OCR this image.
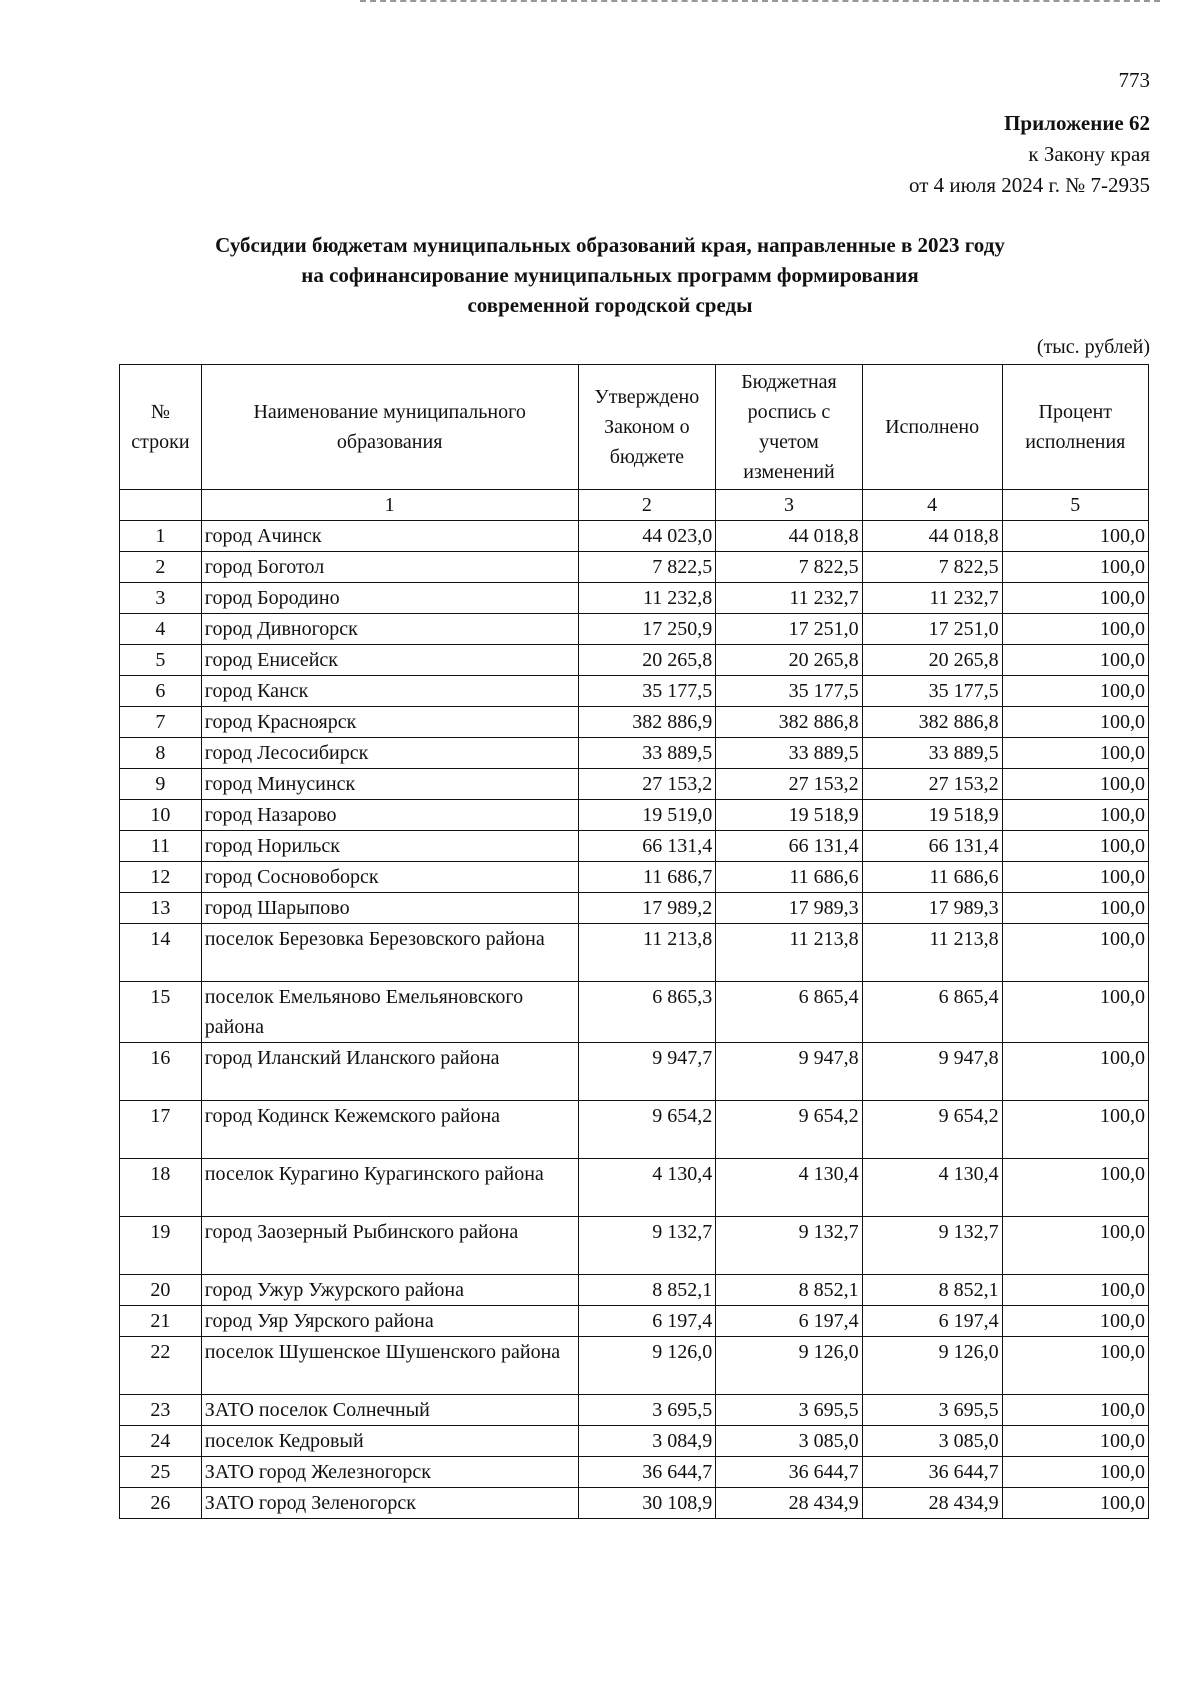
773
Приложение 62
к Закону края
от 4 июля 2024 г. № 7-2935
Субсидии бюджетам муниципальных образований края, направленные в 2023 году
на софинансирование муниципальных программ формирования
современной городской среды
(тыс. рублей)
№ строки	Наименование муниципального образования	Утверждено Законом о бюджете	Бюджетная роспись с учетом изменений	Исполнено	Процент исполнения
	1	2	3	4	5
1	город Ачинск	44 023,0	44 018,8	44 018,8	100,0
2	город Боготол	7 822,5	7 822,5	7 822,5	100,0
3	город Бородино	11 232,8	11 232,7	11 232,7	100,0
4	город Дивногорск	17 250,9	17 251,0	17 251,0	100,0
5	город Енисейск	20 265,8	20 265,8	20 265,8	100,0
6	город Канск	35 177,5	35 177,5	35 177,5	100,0
7	город Красноярск	382 886,9	382 886,8	382 886,8	100,0
8	город Лесосибирск	33 889,5	33 889,5	33 889,5	100,0
9	город Минусинск	27 153,2	27 153,2	27 153,2	100,0
10	город Назарово	19 519,0	19 518,9	19 518,9	100,0
11	город Норильск	66 131,4	66 131,4	66 131,4	100,0
12	город Сосновоборск	11 686,7	11 686,6	11 686,6	100,0
13	город Шарыпово	17 989,2	17 989,3	17 989,3	100,0
14	поселок Березовка Березовского района	11 213,8	11 213,8	11 213,8	100,0
15	поселок Емельяново Емельяновского района	6 865,3	6 865,4	6 865,4	100,0
16	город Иланский Иланского района	9 947,7	9 947,8	9 947,8	100,0
17	город Кодинск Кежемского района	9 654,2	9 654,2	9 654,2	100,0
18	поселок Курагино Курагинского района	4 130,4	4 130,4	4 130,4	100,0
19	город Заозерный Рыбинского района	9 132,7	9 132,7	9 132,7	100,0
20	город Ужур Ужурского района	8 852,1	8 852,1	8 852,1	100,0
21	город Уяр Уярского района	6 197,4	6 197,4	6 197,4	100,0
22	поселок Шушенское Шушенского района	9 126,0	9 126,0	9 126,0	100,0
23	ЗАТО поселок Солнечный	3 695,5	3 695,5	3 695,5	100,0
24	поселок Кедровый	3 084,9	3 085,0	3 085,0	100,0
25	ЗАТО город Железногорск	36 644,7	36 644,7	36 644,7	100,0
26	ЗАТО город Зеленогорск	30 108,9	28 434,9	28 434,9	100,0
